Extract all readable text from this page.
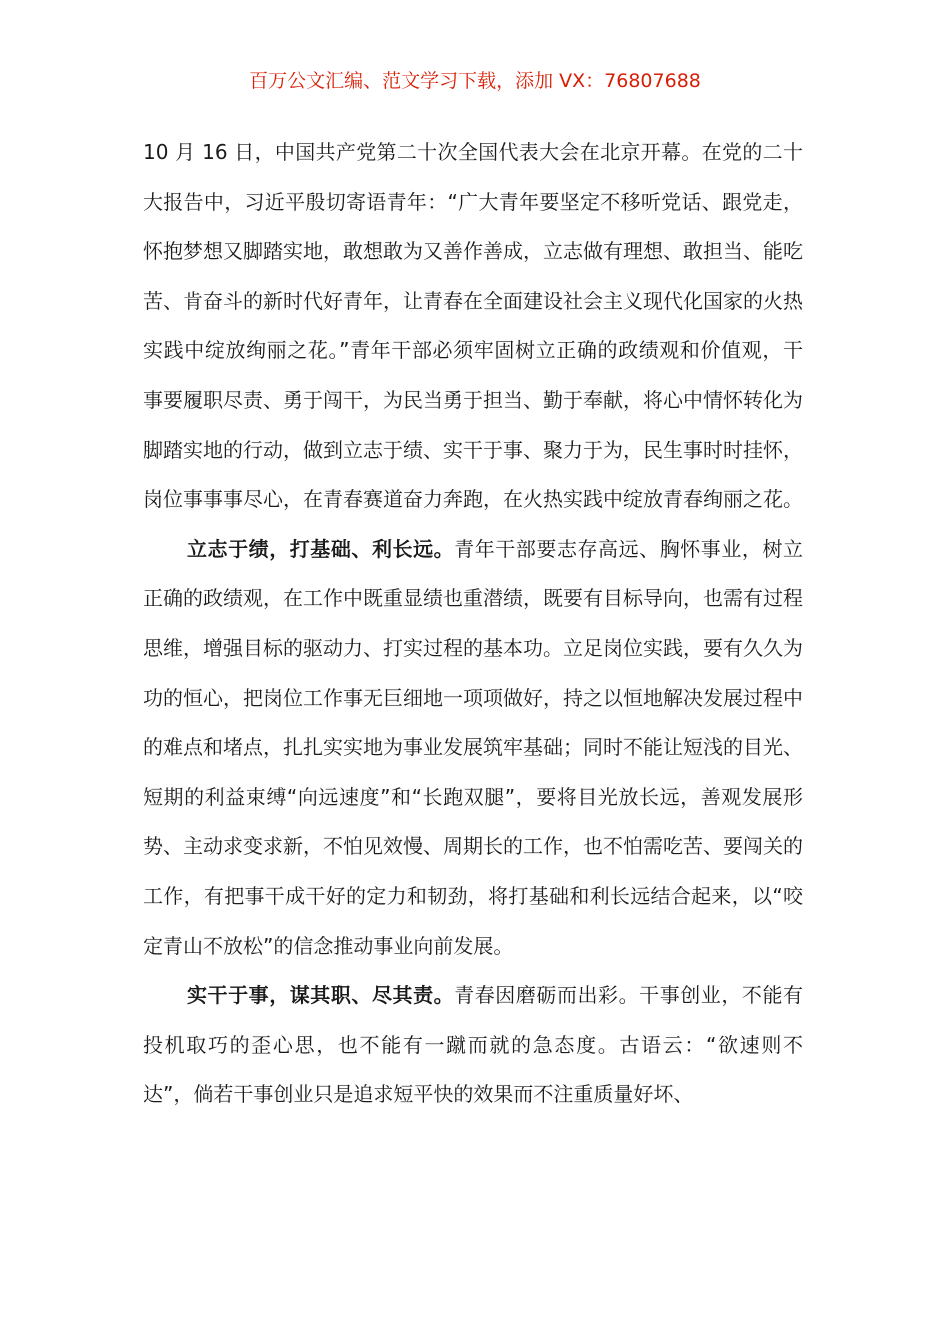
百万公文汇编、范文学习下载，添加 VX：76807688

10 月 16 日，中国共产党第二十次全国代表大会在北京开幕。在党的二十大报告中，习近平殷切寄语青年：“广大青年要坚定不移听党话、跟党走，怀抱梦想又脚踏实地，敢想敢为又善作善成，立志做有理想、敢担当、能吃苦、肯奋斗的新时代好青年，让青春在全面建设社会主义现代化国家的火热实践中绽放绚丽之花。”青年干部必须牢固树立正确的政绩观和价值观，干事要履职尽责、勇于闯干，为民当勇于担当、勤于奉献，将心中情怀转化为脚踏实地的行动，做到立志于绩、实干于事、聚力于为，民生事时时挂怀，岗位事事事尽心，在青春赛道奋力奔跑，在火热实践中绽放青春绚丽之花。

立志于绩，打基础、利长远。青年干部要志存高远、胸怀事业，树立正确的政绩观，在工作中既重显绩也重潜绩，既要有目标导向，也需有过程思维，增强目标的驱动力、打实过程的基本功。立足岗位实践，要有久久为功的恒心，把岗位工作事无巨细地一项项做好，持之以恒地解决发展过程中的难点和堵点，扎扎实实地为事业发展筑牢基础；同时不能让短浅的目光、短期的利益束缚“向远速度”和“长跑双腿”，要将目光放长远，善观发展形势、主动求变求新，不怕见效慢、周期长的工作，也不怕需吃苦、要闯关的工作，有把事干成干好的定力和韧劲，将打基础和利长远结合起来，以“咬定青山不放松”的信念推动事业向前发展。

实干于事，谋其职、尽其责。青春因磨砺而出彩。干事创业，不能有投机取巧的歪心思，也不能有一蹴而就的急态度。古语云：“欲速则不达”，倘若干事创业只是追求短平快的效果而不注重质量好坏、
